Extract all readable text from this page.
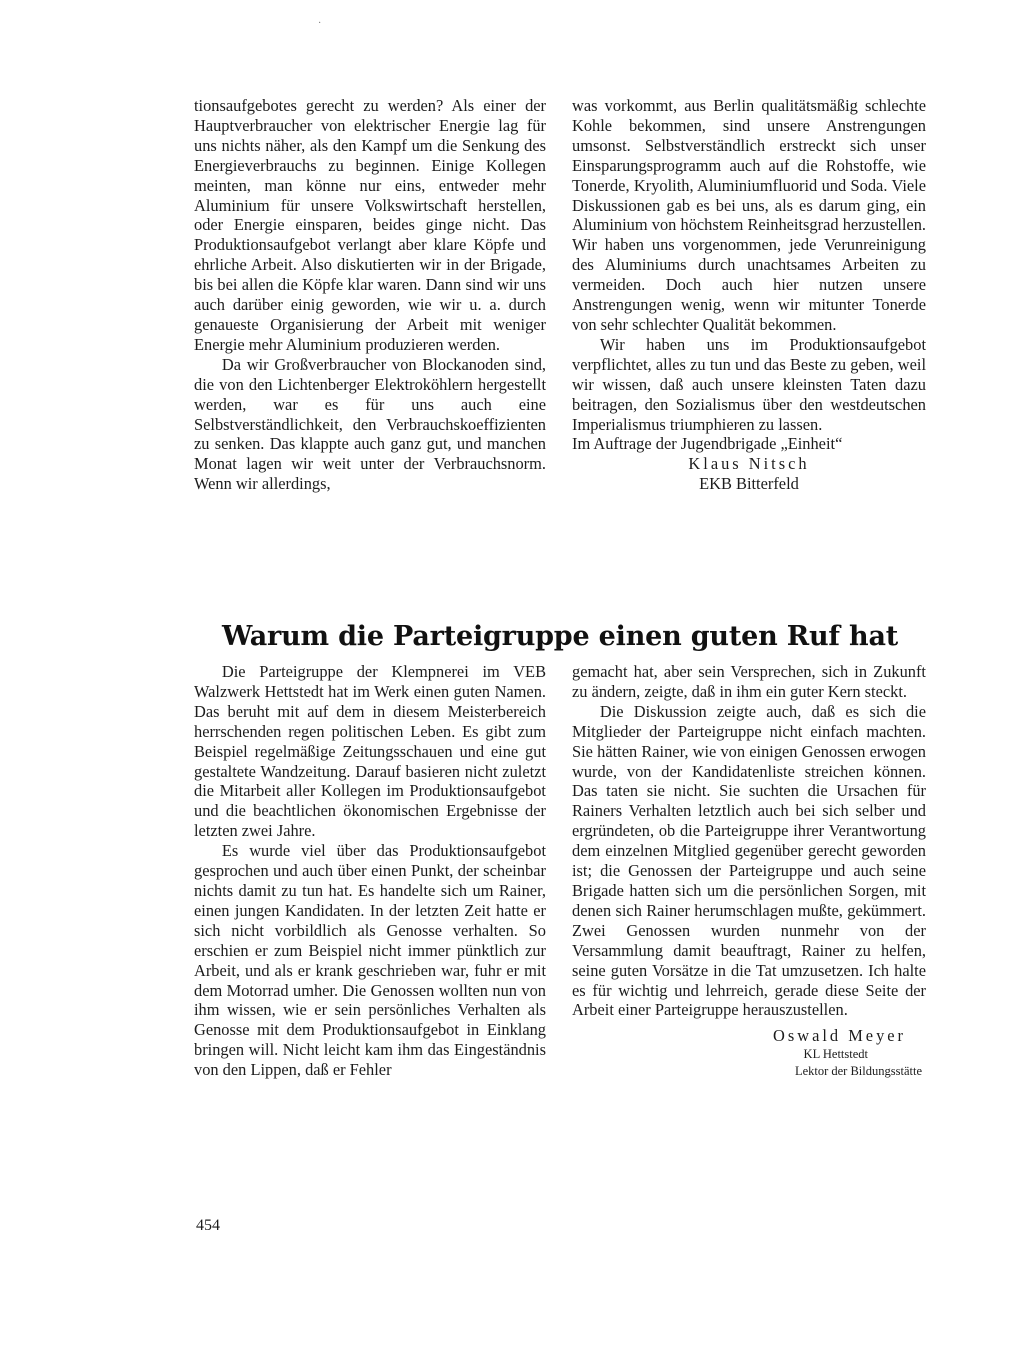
·

tionsaufgebotes gerecht zu werden? Als einer der Hauptverbraucher von elektrischer Energie lag für uns nichts näher, als den Kampf um die Senkung des Energieverbrauchs zu beginnen. Einige Kollegen meinten, man könne nur eins, entweder mehr Aluminium für unsere Volkswirtschaft herstellen, oder Energie einsparen, beides ginge nicht. Das Produktionsaufgebot verlangt aber klare Köpfe und ehrliche Arbeit. Also diskutierten wir in der Brigade, bis bei allen die Köpfe klar waren. Dann sind wir uns auch darüber einig geworden, wie wir u. a. durch genaueste Organisierung der Arbeit mit weniger Energie mehr Aluminium produzieren werden.

Da wir Großverbraucher von Blockanoden sind, die von den Lichtenberger Elektroköhlern hergestellt werden, war es für uns auch eine Selbstverständlichkeit, den Verbrauchskoeffizienten zu senken. Das klappte auch ganz gut, und manchen Monat lagen wir weit unter der Verbrauchsnorm. Wenn wir allerdings,

was vorkommt, aus Berlin qualitätsmäßig schlechte Kohle bekommen, sind unsere Anstrengungen umsonst. Selbstverständlich erstreckt sich unser Einsparungsprogramm auch auf die Rohstoffe, wie Tonerde, Kryolith, Aluminiumfluorid und Soda. Viele Diskussionen gab es bei uns, als es darum ging, ein Aluminium von höchstem Reinheitsgrad herzustellen. Wir haben uns vorgenommen, jede Verunreinigung des Aluminiums durch unachtsames Arbeiten zu vermeiden. Doch auch hier nutzen unsere Anstrengungen wenig, wenn wir mitunter Tonerde von sehr schlechter Qualität bekommen.

Wir haben uns im Produktionsaufgebot verpflichtet, alles zu tun und das Beste zu geben, weil wir wissen, daß auch unsere kleinsten Taten dazu beitragen, den Sozialismus über den westdeutschen Imperialismus triumphieren zu lassen.

Im Auftrage der Jugendbrigade „Einheit“

Klaus Nitsch
EKB Bitterfeld
Warum die Parteigruppe einen guten Ruf hat

Die Parteigruppe der Klempnerei im VEB Walzwerk Hettstedt hat im Werk einen guten Namen. Das beruht mit auf dem in diesem Meisterbereich herrschenden regen politischen Leben. Es gibt zum Beispiel regelmäßige Zeitungsschauen und eine gut gestaltete Wandzeitung. Darauf basieren nicht zuletzt die Mitarbeit aller Kollegen im Produktionsaufgebot und die beachtlichen ökonomischen Ergebnisse der letzten zwei Jahre.

Es wurde viel über das Produktionsaufgebot gesprochen und auch über einen Punkt, der scheinbar nichts damit zu tun hat. Es handelte sich um Rainer, einen jungen Kandidaten. In der letzten Zeit hatte er sich nicht vorbildlich als Genosse verhalten. So erschien er zum Beispiel nicht immer pünktlich zur Arbeit, und als er krank geschrieben war, fuhr er mit dem Motorrad umher. Die Genossen wollten nun von ihm wissen, wie er sein persönliches Verhalten als Genosse mit dem Produktionsaufgebot in Einklang bringen will. Nicht leicht kam ihm das Eingeständnis von den Lippen, daß er Fehler

gemacht hat, aber sein Versprechen, sich in Zukunft zu ändern, zeigte, daß in ihm ein guter Kern steckt.

Die Diskussion zeigte auch, daß es sich die Mitglieder der Parteigruppe nicht einfach machten. Sie hätten Rainer, wie von einigen Genossen erwogen wurde, von der Kandidatenliste streichen können. Das taten sie nicht. Sie suchten die Ursachen für Rainers Verhalten letztlich auch bei sich selber und ergründeten, ob die Parteigruppe ihrer Verantwortung dem einzelnen Mitglied gegenüber gerecht geworden ist; die Genossen der Parteigruppe und auch seine Brigade hatten sich um die persönlichen Sorgen, mit denen sich Rainer herumschlagen mußte, gekümmert. Zwei Genossen wurden nunmehr von der Versammlung damit beauftragt, Rainer zu helfen, seine guten Vorsätze in die Tat umzusetzen. Ich halte es für wichtig und lehrreich, gerade diese Seite der Arbeit einer Parteigruppe herauszustellen.

Oswald Meyer
KL Hettstedt
Lektor der Bildungsstätte
454
